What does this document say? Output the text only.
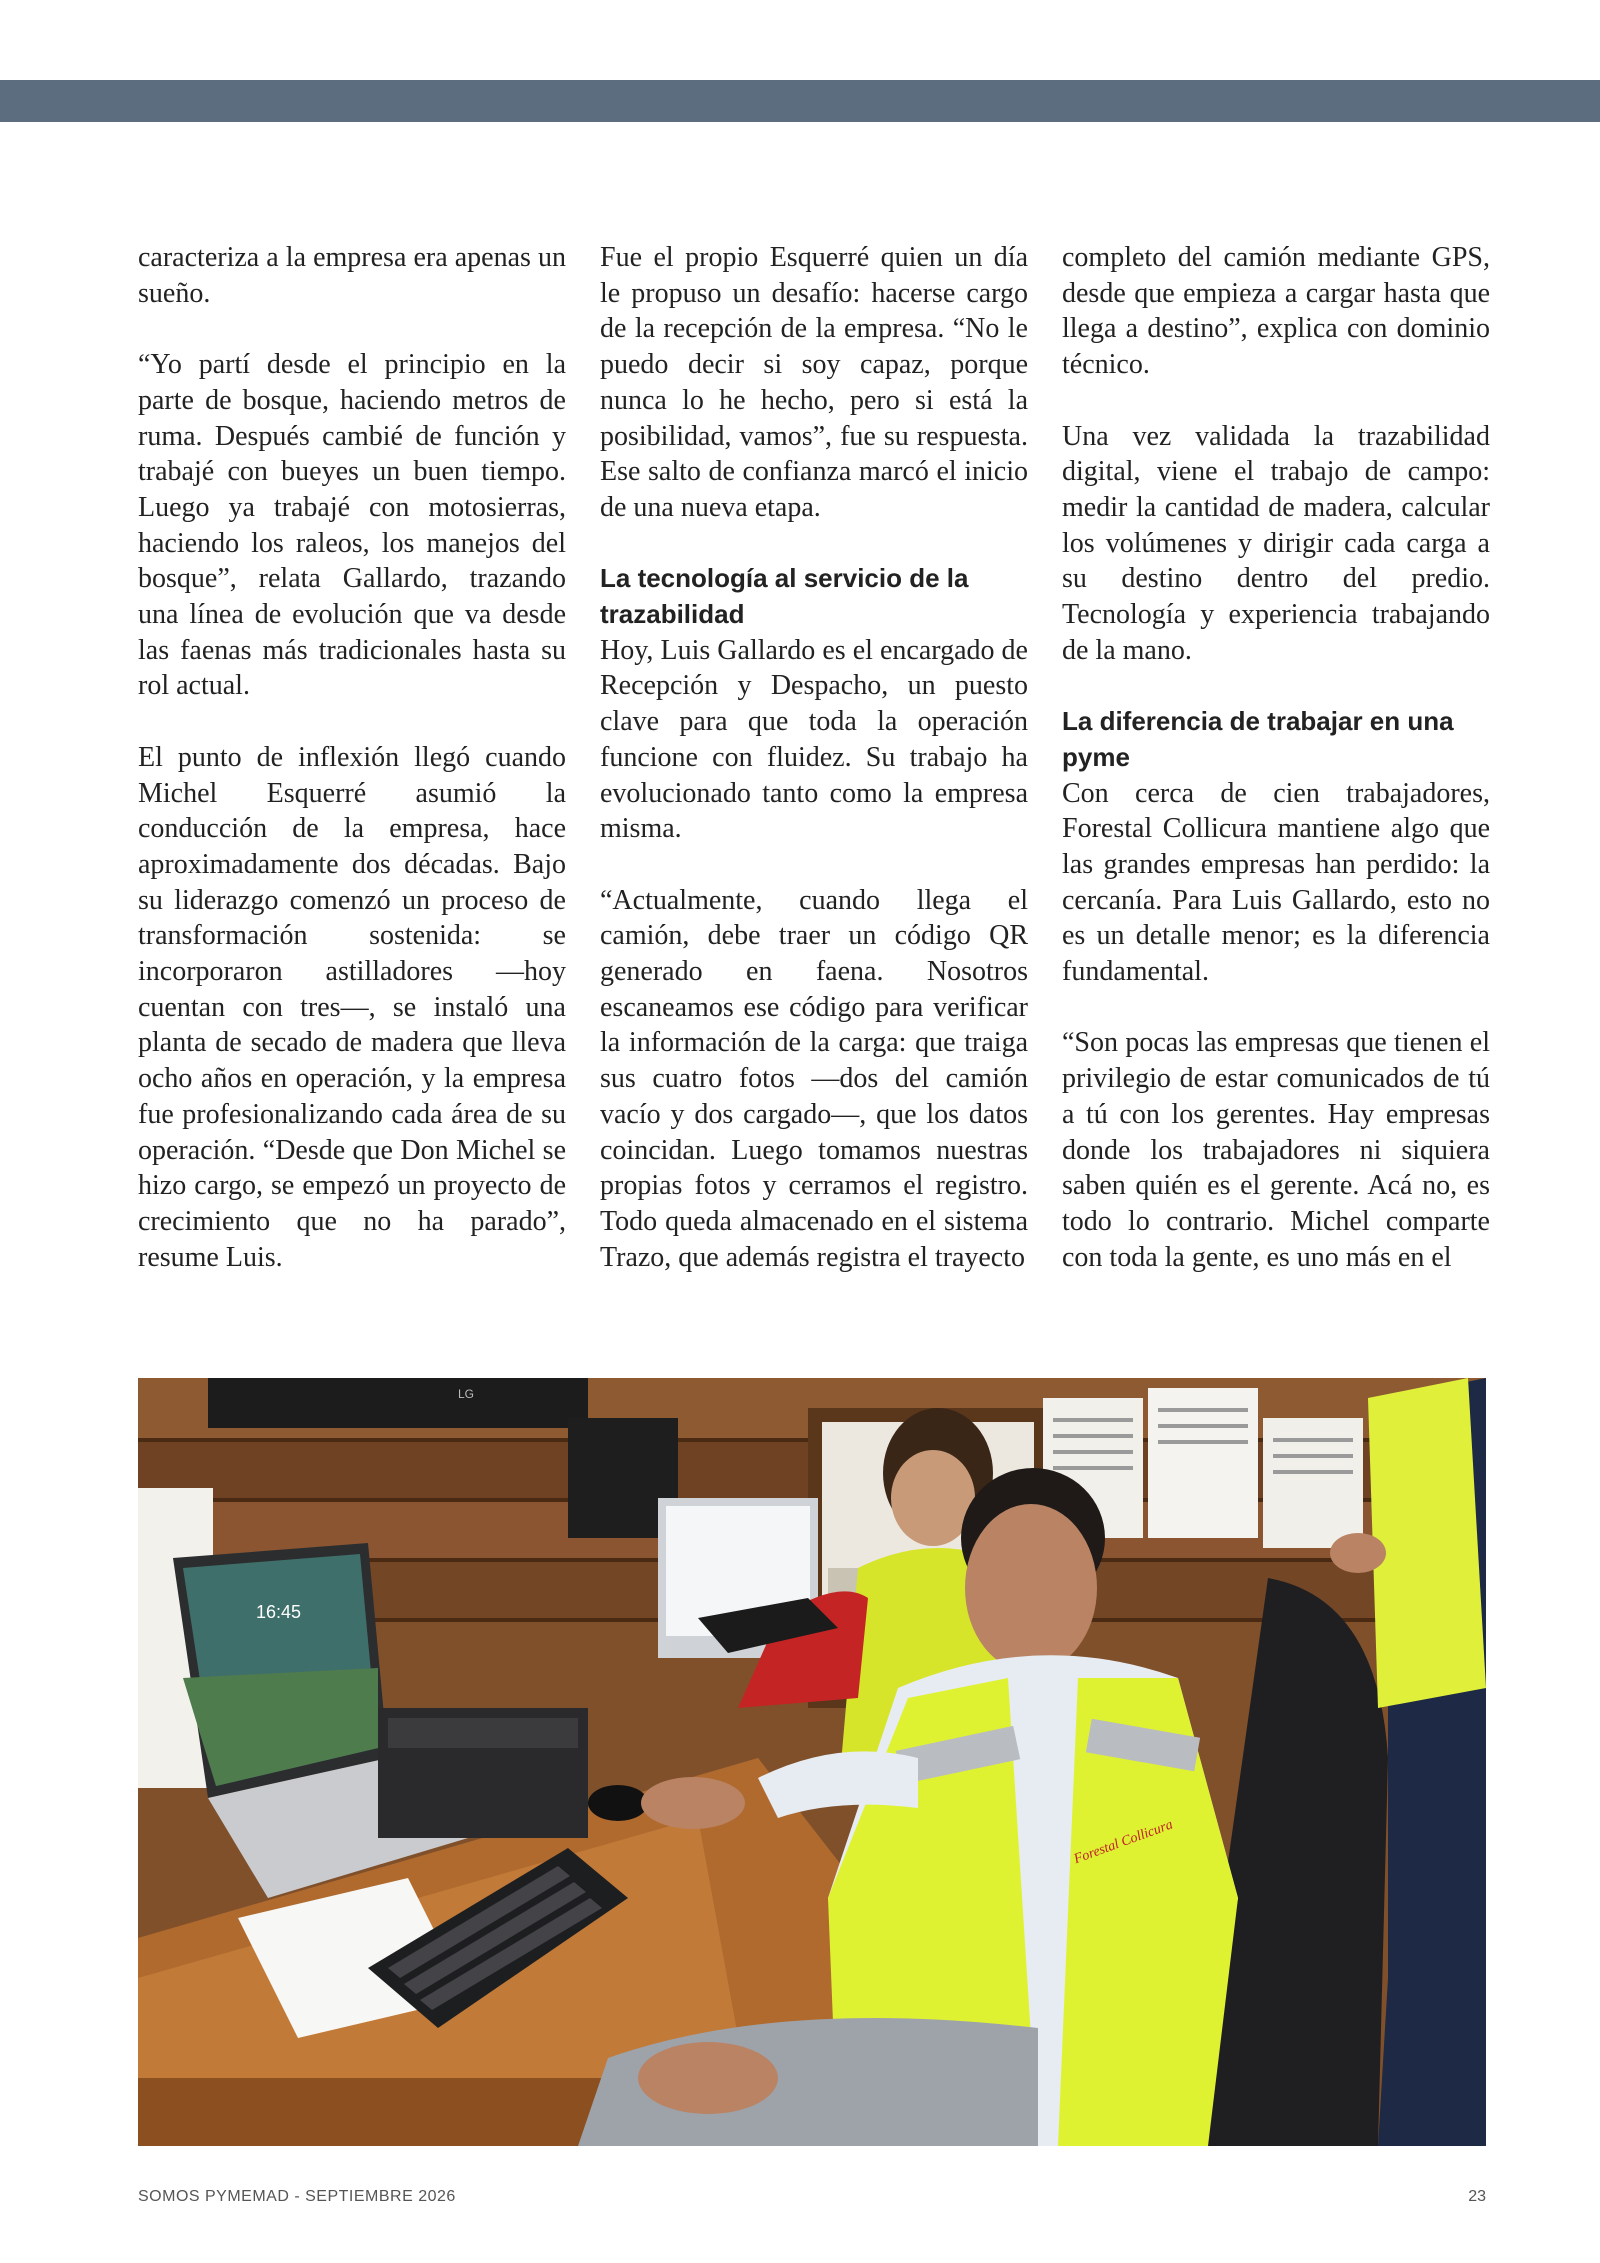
caracteriza a la empresa era apenas un sueño.

“Yo partí desde el principio en la parte de bosque, haciendo metros de ruma. Después cambié de función y trabajé con bueyes un buen tiempo. Luego ya trabajé con motosierras, haciendo los raleos, los manejos del bosque”, relata Gallardo, trazando una línea de evolución que va desde las faenas más tradicionales hasta su rol actual.

El punto de inflexión llegó cuando Michel Esquerré asumió la conducción de la empresa, hace aproximadamente dos décadas. Bajo su liderazgo comenzó un proceso de transformación sostenida: se incorporaron astilladores —hoy cuentan con tres—, se instaló una planta de secado de madera que lleva ocho años en operación, y la empresa fue profesionalizando cada área de su operación. “Desde que Don Michel se hizo cargo, se empezó un proyecto de crecimiento que no ha parado”, resume Luis.

Fue el propio Esquerré quien un día le propuso un desafío: hacerse cargo de la recepción de la empresa. “No le puedo decir si soy capaz, porque nunca lo he hecho, pero si está la posibilidad, vamos”, fue su respuesta. Ese salto de confianza marcó el inicio de una nueva etapa.

La tecnología al servicio de la trazabilidad

Hoy, Luis Gallardo es el encargado de Recepción y Despacho, un puesto clave para que toda la operación funcione con fluidez. Su trabajo ha evolucionado tanto como la empresa misma.

“Actualmente, cuando llega el camión, debe traer un código QR generado en faena. Nosotros escaneamos ese código para verificar la información de la carga: que traiga sus cuatro fotos —dos del camión vacío y dos cargado—, que los datos coincidan. Luego tomamos nuestras propias fotos y cerramos el registro. Todo queda almacenado en el sistema Trazo, que además registra el trayecto

completo del camión mediante GPS, desde que empieza a cargar hasta que llega a destino”, explica con dominio técnico.

Una vez validada la trazabilidad digital, viene el trabajo de campo: medir la cantidad de madera, calcular los volúmenes y dirigir cada carga a su destino dentro del predio. Tecnología y experiencia trabajando de la mano.

La diferencia de trabajar en una pyme

Con cerca de cien trabajadores, Forestal Collicura mantiene algo que las grandes empresas han perdido: la cercanía. Para Luis Gallardo, esto no es un detalle menor; es la diferencia fundamental.

“Son pocas las empresas que tienen el privilegio de estar comunicados de tú a tú con los gerentes. Hay empresas donde los trabajadores ni siquiera saben quién es el gerente. Acá no, es todo lo contrario. Michel comparte con toda la gente, es uno más en el

LG
16:45
Forestal Collicura
SOMOS PYMEMAD - SEPTIEMBRE 2026	23
